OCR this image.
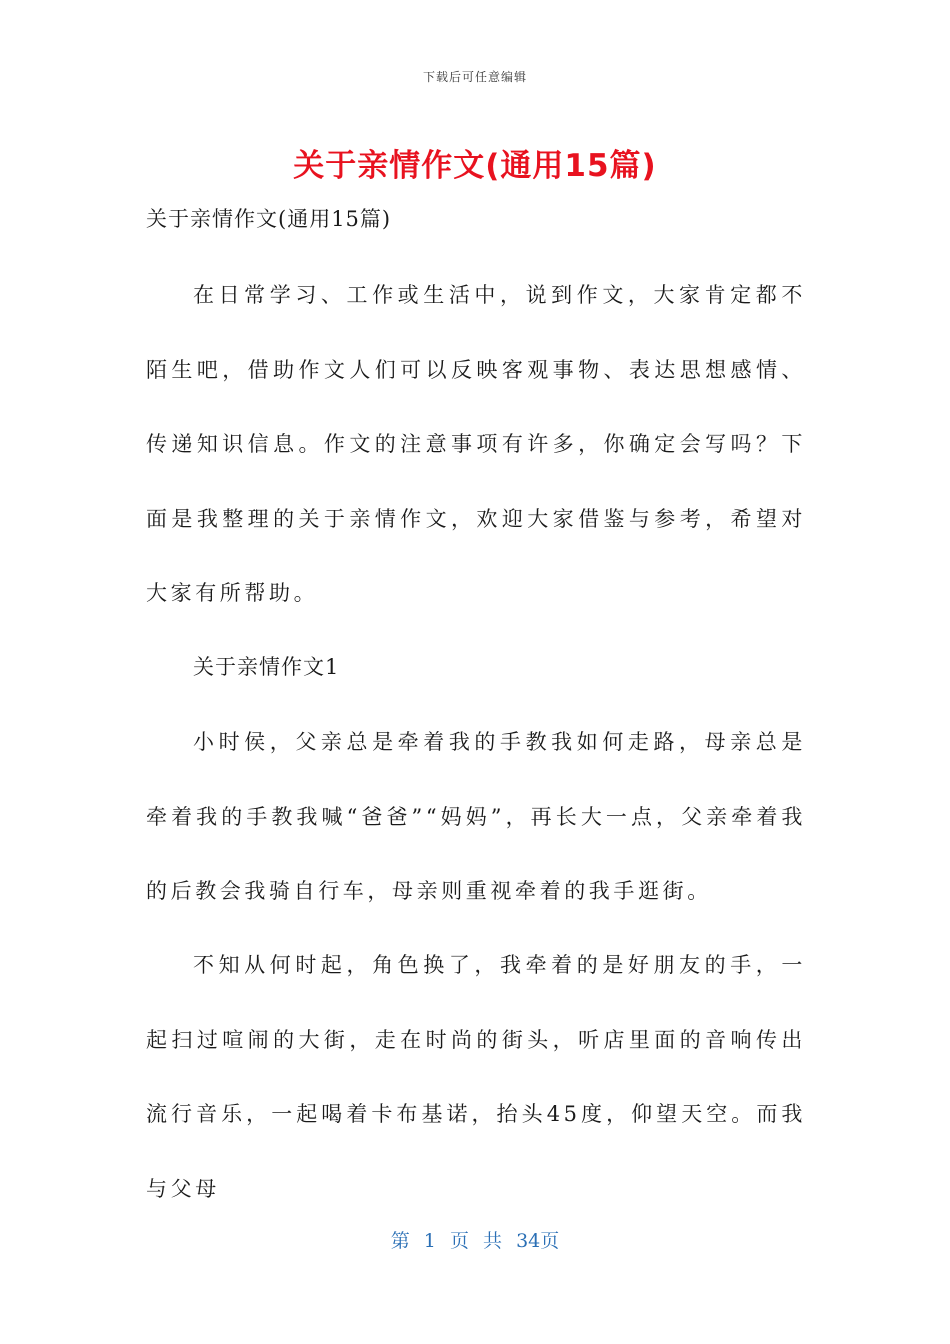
下载后可任意编辑
关于亲情作文(通用15篇)
关于亲情作文(通用15篇)

在日常学习、工作或生活中，说到作文，大家肯定都不陌生吧，借助作文人们可以反映客观事物、表达思想感情、传递知识信息。作文的注意事项有许多，你确定会写吗？下面是我整理的关于亲情作文，欢迎大家借鉴与参考，希望对大家有所帮助。

关于亲情作文1

小时侯，父亲总是牵着我的手教我如何走路，母亲总是牵着我的手教我喊“爸爸”“妈妈”，再长大一点，父亲牵着我的后教会我骑自行车，母亲则重视牵着的我手逛街。

不知从何时起，角色换了，我牵着的是好朋友的手，一起扫过喧闹的大街，走在时尚的街头，听店里面的音响传出流行音乐，一起喝着卡布基诺，抬头45度，仰望天空。而我与父母

第 1 页 共 34页
